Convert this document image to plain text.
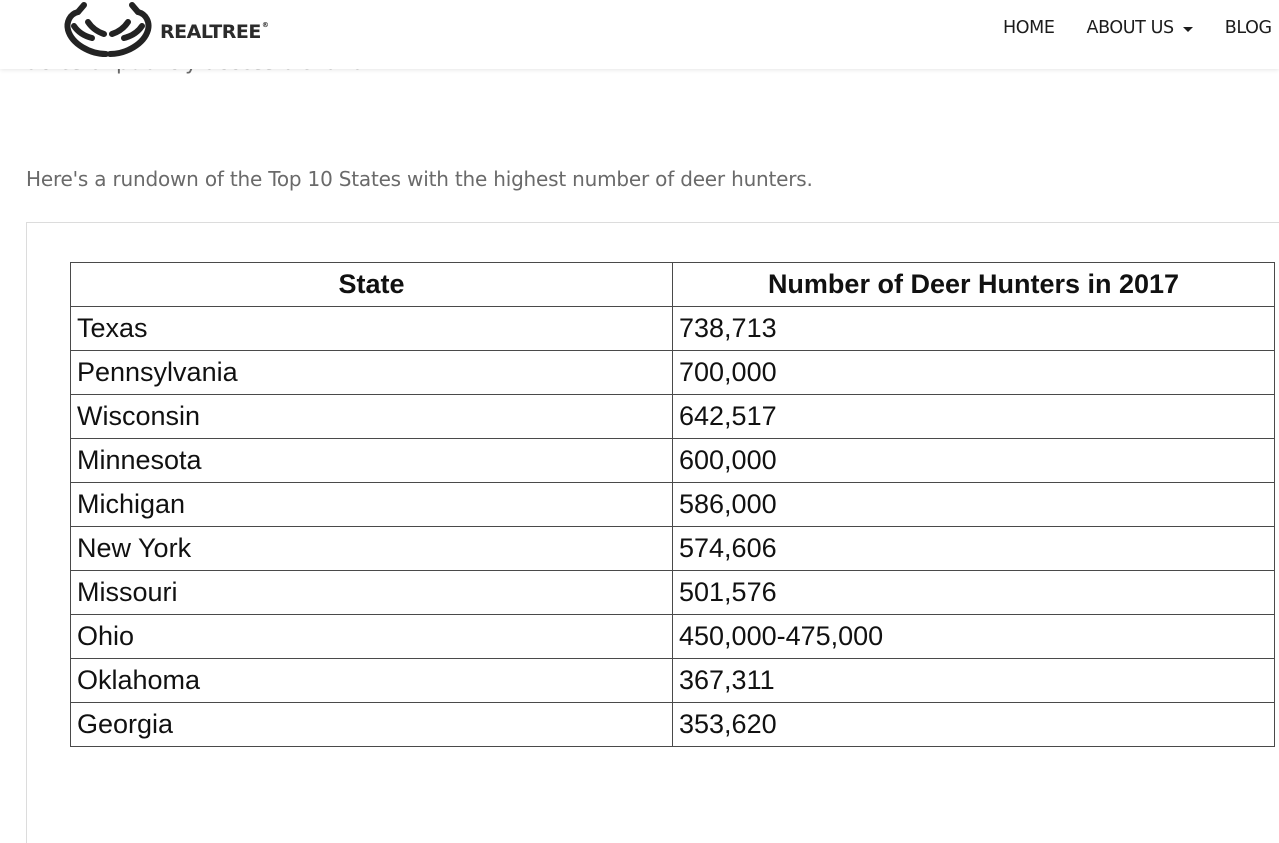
REALTREE®	HOME ABOUT US	BLOG

Here's a rundown of the Top 10 States with the highest number of deer hunters.

State	Number of Deer Hunters in 2017
Texas	738,713
Pennsylvania	700,000
Wisconsin	642,517
Minnesota	600,000
Michigan	586,000
New York	574,606
Missouri	501,576
Ohio	450,000-475,000
Oklahoma	367,311
Georgia	353,620
